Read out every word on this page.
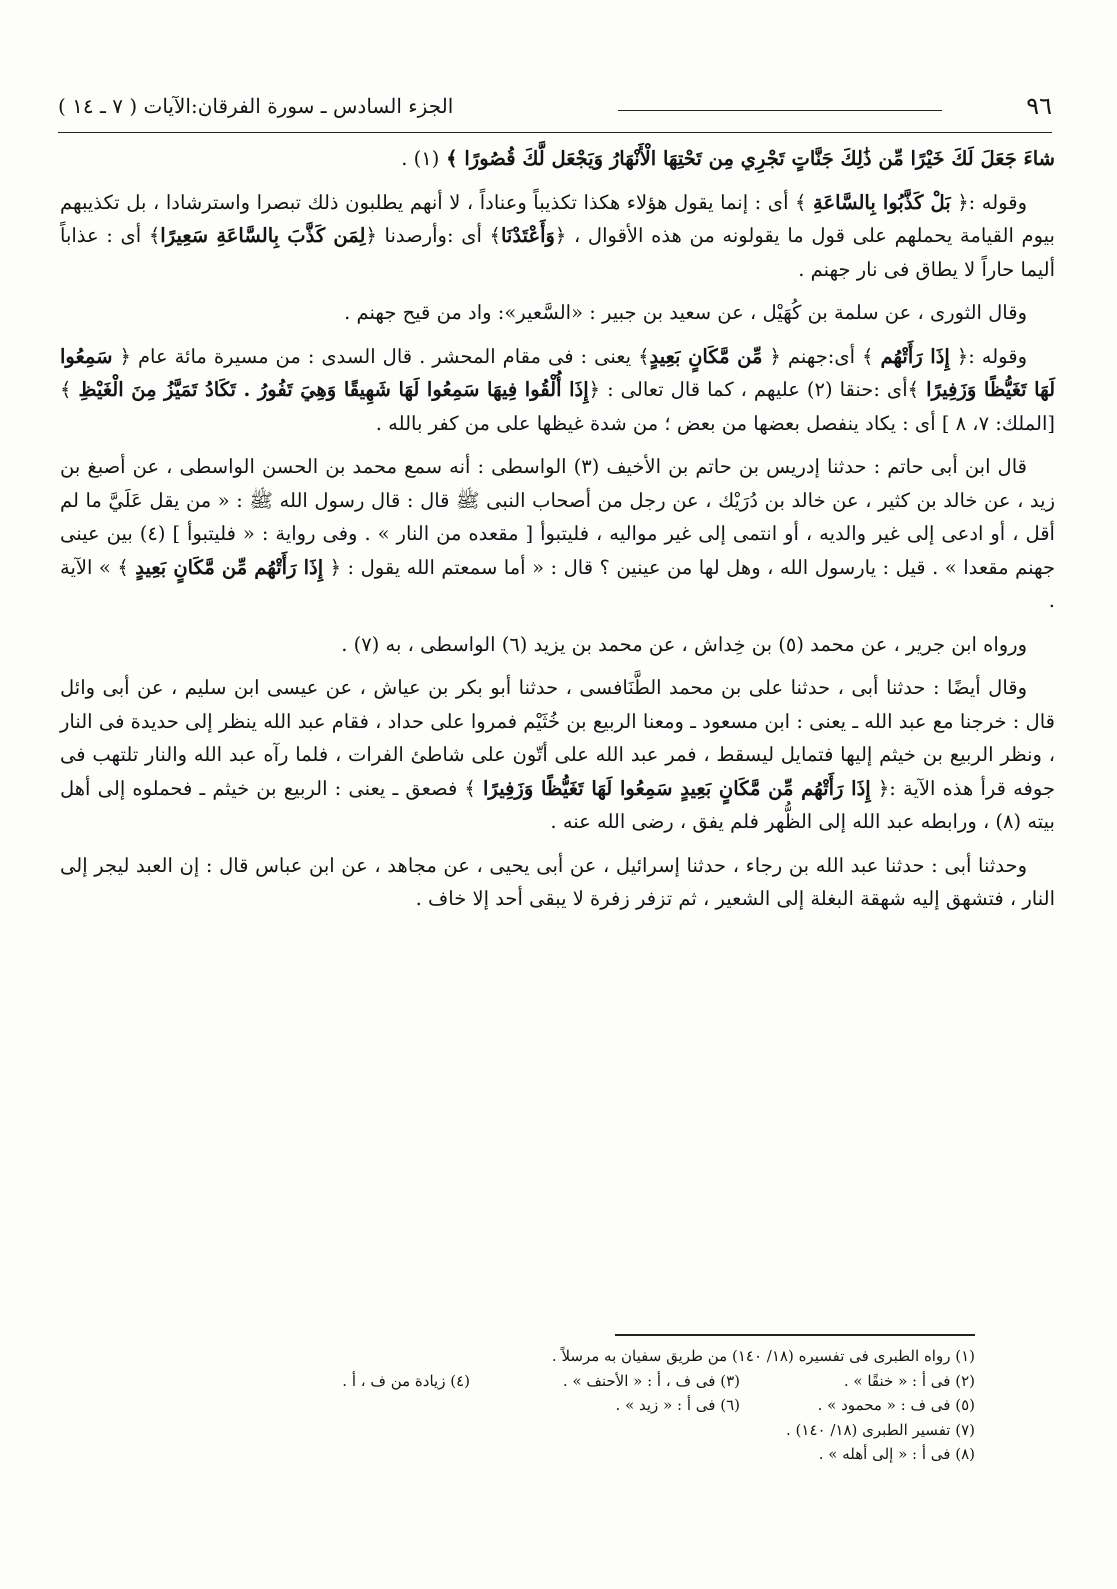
٩٦
الجزء السادس ـ سورة الفرقان:الآيات ( ٧ ـ ١٤ )

شاءَ جَعَلَ لَكَ خَيْرًا مِّن ذَٰلِكَ جَنَّاتٍ تَجْرِي مِن تَحْتِهَا الْأَنْهَارُ وَيَجْعَل لَّكَ قُصُورًا ﴾ (١) .

وقوله :﴿ بَلْ كَذَّبُوا بِالسَّاعَةِ ﴾ أى : إنما يقول هؤلاء هكذا تكذيباً وعناداً ، لا أنهم يطلبون ذلك تبصرا واسترشادا ، بل تكذيبهم بيوم القيامة يحملهم على قول ما يقولونه من هذه الأقوال ، ﴿وَأَعْتَدْنَا﴾ أى :وأرصدنا ﴿لِمَن كَذَّبَ بِالسَّاعَةِ سَعِيرًا﴾ أى : عذاباً أليما حاراً لا يطاق فى نار جهنم .

وقال الثورى ، عن سلمة بن كُهَيْل ، عن سعيد بن جبير : «السَّعير»: واد من قيح جهنم .

وقوله :﴿ إِذَا رَأَتْهُم ﴾ أى:جهنم ﴿ مِّن مَّكَانٍ بَعِيدٍ﴾ يعنى : فى مقام المحشر . قال السدى : من مسيرة مائة عام ﴿ سَمِعُوا لَهَا تَغَيُّظًا وَزَفِيرًا ﴾أى :حنقا (٢) عليهم ، كما قال تعالى : ﴿إِذَا أُلْقُوا فِيهَا سَمِعُوا لَهَا شَهِيقًا وَهِيَ تَفُورُ . تَكَادُ تَمَيَّزُ مِنَ الْغَيْظِ ﴾ [الملك: ٧، ٨ ] أى : يكاد ينفصل بعضها من بعض ؛ من شدة غيظها على من كفر بالله .

قال ابن أبى حاتم : حدثنا إدريس بن حاتم بن الأخيف (٣) الواسطى : أنه سمع محمد بن الحسن الواسطى ، عن أصبغ بن زيد ، عن خالد بن كثير ، عن خالد بن دُرَيْك ، عن رجل من أصحاب النبى ﷺ قال : قال رسول الله ﷺ : « من يقل عَلَيَّ ما لم أقل ، أو ادعى إلى غير والديه ، أو انتمى إلى غير مواليه ، فليتبوأ [ مقعده من النار » . وفى رواية : « فليتبوأ ] (٤) بين عينى جهنم مقعدا » . قيل : يارسول الله ، وهل لها من عينين ؟ قال : « أما سمعتم الله يقول : ﴿ إِذَا رَأَتْهُم مِّن مَّكَانٍ بَعِيدٍ ﴾ » الآية .

ورواه ابن جرير ، عن محمد (٥) بن خِداش ، عن محمد بن يزيد (٦) الواسطى ، به (٧) .

وقال أيضًا : حدثنا أبى ، حدثنا على بن محمد الطَّنَافسى ، حدثنا أبو بكر بن عياش ، عن عيسى ابن سليم ، عن أبى وائل قال : خرجنا مع عبد الله ـ يعنى : ابن مسعود ـ ومعنا الربيع بن خُثَيْم فمروا على حداد ، فقام عبد الله ينظر إلى حديدة فى النار ، ونظر الربيع بن خيثم إليها فتمايل ليسقط ، فمر عبد الله على أتّون على شاطئ الفرات ، فلما رآه عبد الله والنار تلتهب فى جوفه قرأ هذه الآية :﴿ إِذَا رَأَتْهُم مِّن مَّكَانٍ بَعِيدٍ سَمِعُوا لَهَا تَغَيُّظًا وَزَفِيرًا ﴾ فصعق ـ يعنى : الربيع بن خيثم ـ فحملوه إلى أهل بيته (٨) ، ورابطه عبد الله إلى الظُّهر فلم يفق ، رضى الله عنه .

وحدثنا أبى : حدثنا عبد الله بن رجاء ، حدثنا إسرائيل ، عن أبى يحيى ، عن مجاهد ، عن ابن عباس قال : إن العبد ليجر إلى النار ، فتشهق إليه شهقة البغلة إلى الشعير ، ثم تزفر زفرة لا يبقى أحد إلا خاف .

(١) رواه الطبرى فى تفسيره (١٨/ ١٤٠) من طريق سفيان به مرسلاً .
(٢) فى أ : « خنقًا » .
(٣) فى ف ، أ : « الأحنف » .
(٤) زيادة من ف ، أ .
(٥) فى ف : « محمود » .
(٦) فى أ : « زيد » .
(٧) تفسير الطبرى (١٨/ ١٤٠) .
(٨) فى أ : « إلى أهله » .
